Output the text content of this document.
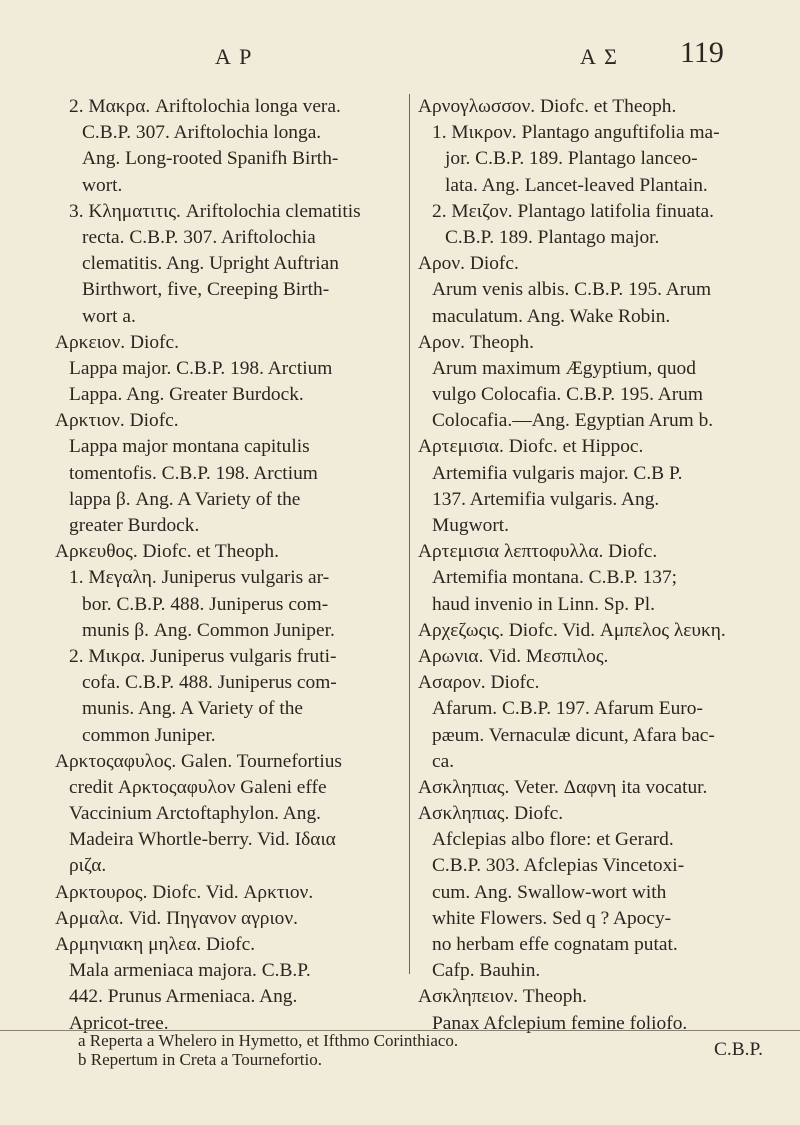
A P	A Σ 119
2. Μακρα. Ariftolochia longa vera.
C.B.P. 307. Ariftolochia longa.
Ang. Long-rooted Spanifh Birth-
wort.
3. Κληματιτις. Ariftolochia clematitis
recta. C.B.P. 307. Ariftolochia
clematitis. Ang. Upright Auftrian
Birthwort, five, Creeping Birth-
wort a.
Αρκειον. Diofc.
Lappa major. C.B.P. 198. Arctium
Lappa. Ang. Greater Burdock.
Αρκτιον. Diofc.
Lappa major montana capitulis
tomentofis. C.B.P. 198. Arctium
lappa β. Ang. A Variety of the
greater Burdock.
Αρκευθος. Diofc. et Theoph.
1. Μεγαλη. Juniperus vulgaris ar-
bor. C.B.P. 488. Juniperus com-
munis β. Ang. Common Juniper.
2. Μικρα. Juniperus vulgaris fruti-
cofa. C.B.P. 488. Juniperus com-
munis. Ang. A Variety of the
common Juniper.
Αρκτοςαφυλος. Galen. Tournefortius
credit Αρκτοςαφυλον Galeni effe
Vaccinium Arctoftaphylon. Ang.
Madeira Whortle-berry. Vid. Ιδαια
ριζα.
Αρκτουρος. Diofc. Vid. Αρκτιον.
Αρμαλα. Vid. Πηγανον αγριον.
Αρμηνιακη μηλεα. Diofc.
Mala armeniaca majora. C.B.P.
442. Prunus Armeniaca. Ang.
Apricot-tree.
Αρνογλωσσον. Diofc. et Theoph.
1. Μικρον. Plantago anguftifolia ma-
jor. C.B.P. 189. Plantago lanceo-
lata. Ang. Lancet-leaved Plantain.
2. Μειζον. Plantago latifolia finuata.
C.B.P. 189. Plantago major.
Αρον. Diofc.
Arum venis albis. C.B.P. 195. Arum
maculatum. Ang. Wake Robin.
Αρον. Theoph.
Arum maximum Ægyptium, quod
vulgo Colocafia. C.B.P. 195. Arum
Colocafia.—Ang. Egyptian Arum b.
Αρτεμισια. Diofc. et Hippoc.
Artemifia vulgaris major. C.B P.
137. Artemifia vulgaris. Ang.
Mugwort.
Αρτεμισια λεπτοφυλλα. Diofc.
Artemifia montana. C.B.P. 137;
haud invenio in Linn. Sp. Pl.
Αρχεζωςις. Diofc. Vid. Αμπελος λευκη.
Αρωνια. Vid. Μεσπιλος.
Ασαρον. Diofc.
Afarum. C.B.P. 197. Afarum Euro-
pæum. Vernaculæ dicunt, Afara bac-
ca.
Ασκληπιας. Veter. Δαφνη ita vocatur.
Ασκληπιας. Diofc.
Afclepias albo flore: et Gerard.
C.B.P. 303. Afclepias Vincetoxi-
cum. Ang. Swallow-wort with
white Flowers. Sed q ? Apocy-
no herbam effe cognatam putat.
Cafp. Bauhin.
Ασκληπειον. Theoph.
Panax Afclepium femine foliofo.
C.B.P.
a Reperta a Whelero in Hymetto, et Ifthmo Corinthiaco.
b Repertum in Creta a Tournefortio.
